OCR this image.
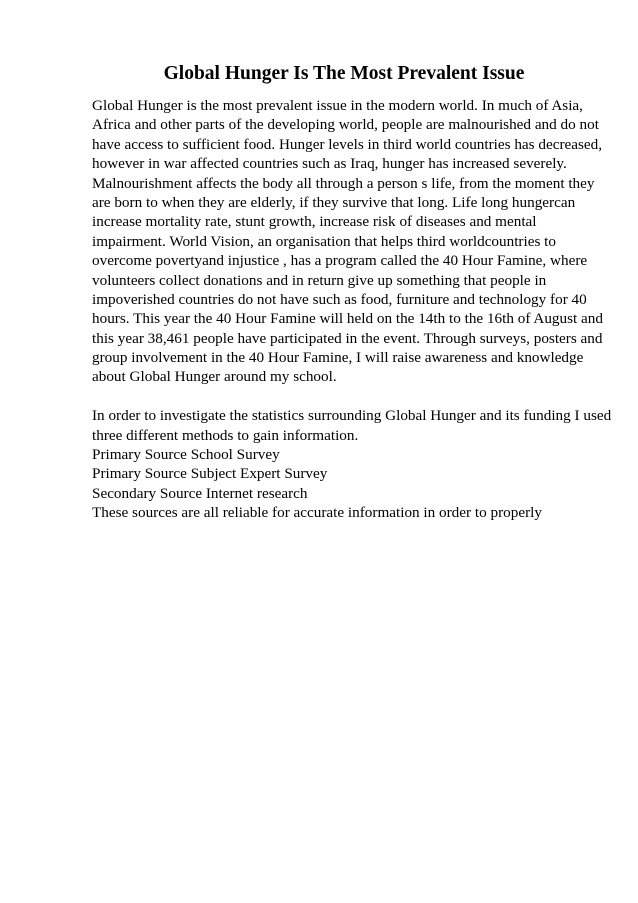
Global Hunger Is The Most Prevalent Issue
Global Hunger is the most prevalent issue in the modern world. In much of Asia,
Africa and other parts of the developing world, people are malnourished and do not
have access to sufficient food. Hunger levels in third world countries has decreased,
however in war affected countries such as Iraq, hunger has increased severely.
Malnourishment affects the body all through a person s life, from the moment they
are born to when they are elderly, if they survive that long. Life long hungercan
increase mortality rate, stunt growth, increase risk of diseases and mental
impairment. World Vision, an organisation that helps third worldcountries to
overcome povertyand injustice , has a program called the 40 Hour Famine, where
volunteers collect donations and in return give up something that people in
impoverished countries do not have such as food, furniture and technology for 40
hours. This year the 40 Hour Famine will held on the 14th to the 16th of August and
this year 38,461 people have participated in the event. Through surveys, posters and
group involvement in the 40 Hour Famine, I will raise awareness and knowledge
about Global Hunger around my school.
In order to investigate the statistics surrounding Global Hunger and its funding I used
three different methods to gain information.
Primary Source School Survey
Primary Source Subject Expert Survey
Secondary Source Internet research
These sources are all reliable for accurate information in order to properly
